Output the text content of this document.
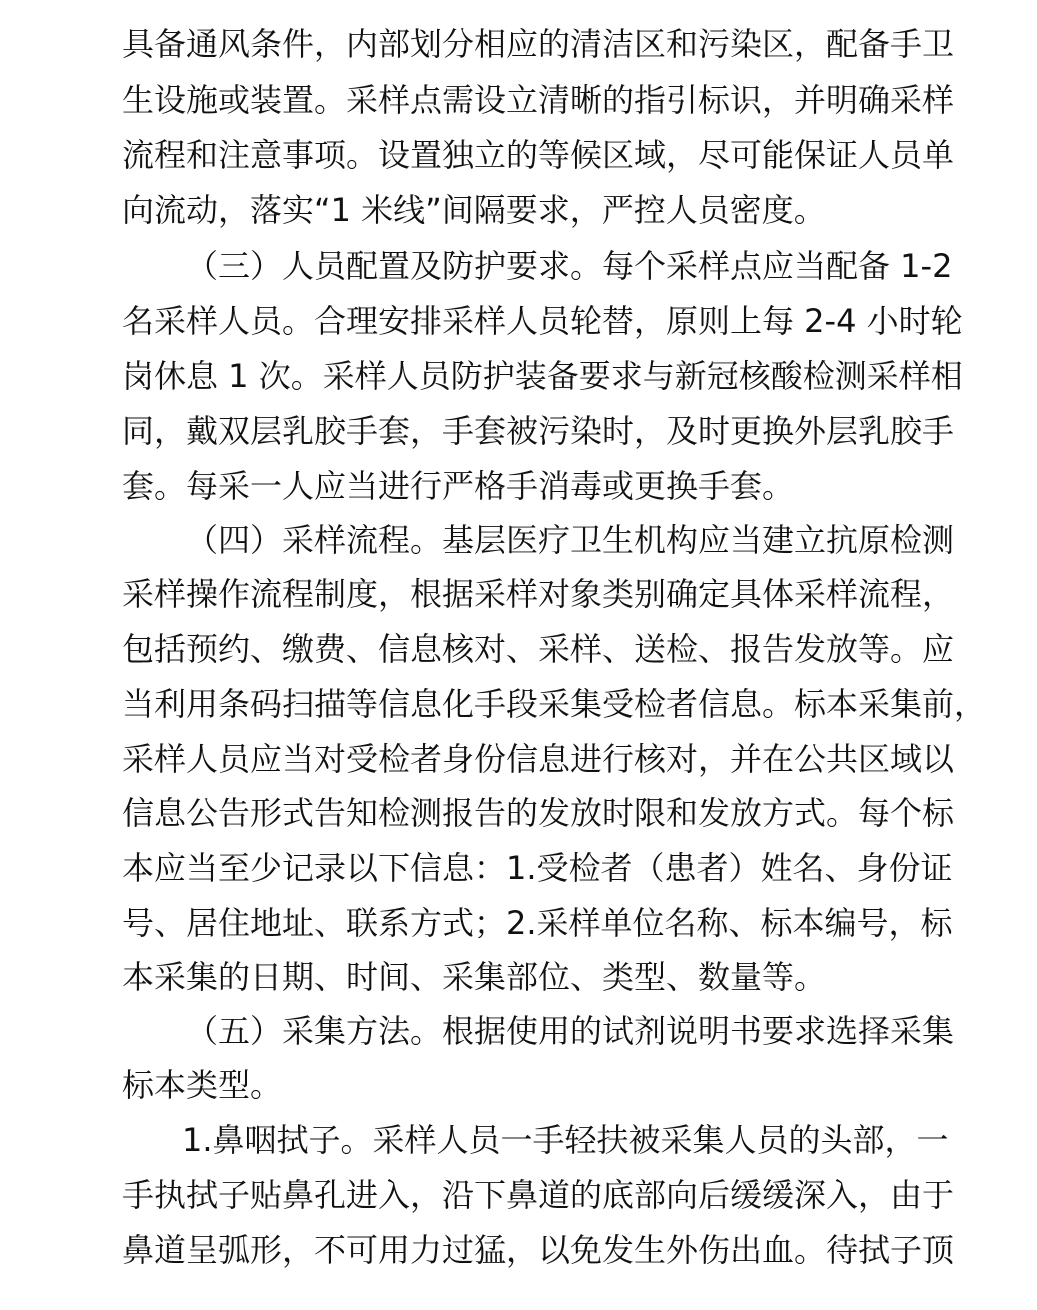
具备通风条件，内部划分相应的清洁区和污染区，配备手卫

生设施或装置。采样点需设立清晰的指引标识，并明确采样

流程和注意事项。设置独立的等候区域，尽可能保证人员单

向流动，落实“1 米线”间隔要求，严控人员密度。

（三）人员配置及防护要求。每个采样点应当配备 1-2

名采样人员。合理安排采样人员轮替，原则上每 2-4 小时轮

岗休息 1 次。采样人员防护装备要求与新冠核酸检测采样相

同，戴双层乳胶手套，手套被污染时，及时更换外层乳胶手

套。每采一人应当进行严格手消毒或更换手套。

（四）采样流程。基层医疗卫生机构应当建立抗原检测

采样操作流程制度，根据采样对象类别确定具体采样流程，

包括预约、缴费、信息核对、采样、送检、报告发放等。应

当利用条码扫描等信息化手段采集受检者信息。标本采集前，

采样人员应当对受检者身份信息进行核对，并在公共区域以

信息公告形式告知检测报告的发放时限和发放方式。每个标

本应当至少记录以下信息：1.受检者（患者）姓名、身份证

号、居住地址、联系方式；2.采样单位名称、标本编号，标

本采集的日期、时间、采集部位、类型、数量等。

（五）采集方法。根据使用的试剂说明书要求选择采集

标本类型。

1.鼻咽拭子。采样人员一手轻扶被采集人员的头部，一

手执拭子贴鼻孔进入，沿下鼻道的底部向后缓缓深入，由于

鼻道呈弧形，不可用力过猛，以免发生外伤出血。待拭子顶
